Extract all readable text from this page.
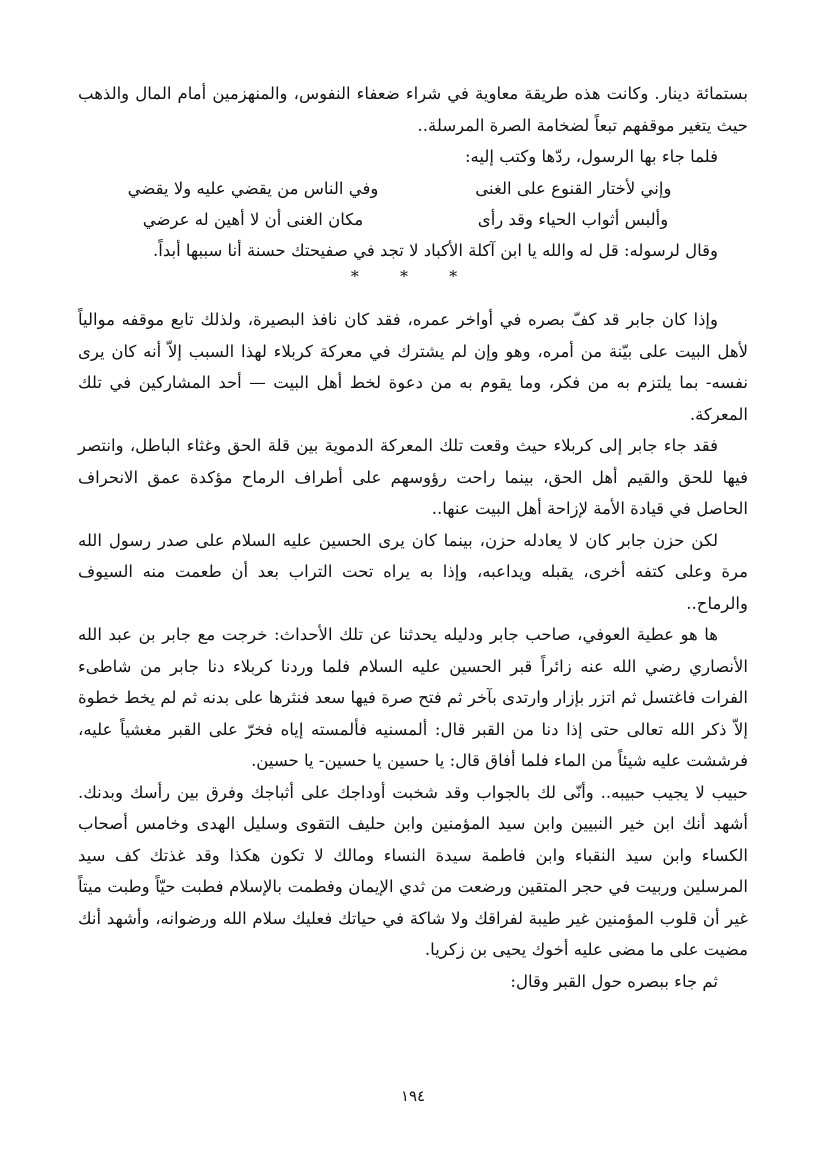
بستمائة دينار. وكانت هذه طريقة معاوية في شراء ضعفاء النفوس، والمنهزمين أمام المال والذهب حيث يتغير موقفهم تبعاً لضخامة الصرة المرسلة..

فلما جاء بها الرسول، ردّها وكتب إليه:

وإني لأختار القنوع على الغنى
وفي الناس من يقضي عليه ولا يقضي
وألبس أثواب الحياء وقد رأى
مكان الغنى أن لا أهين له عرضي

وقال لرسوله: قل له والله يا ابن آكلة الأكباد لا تجد في صفيحتك حسنة أنا سببها أبداً.

* * *

وإذا كان جابر قد كفّ بصره في أواخر عمره، فقد كان نافذ البصيرة، ولذلك تابع موقفه موالياً لأهل البيت على بيّنة من أمره، وهو وإن لم يشترك في معركة كربلاء لهذا السبب إلاّ أنه كان يرى نفسه- بما يلتزم به من فكر، وما يقوم به من دعوة لخط أهل البيت — أحد المشاركين في تلك المعركة.

فقد جاء جابر إلى كربلاء حيث وقعت تلك المعركة الدموية بين قلة الحق وغثاء الباطل، وانتصر فيها للحق والقيم أهل الحق، بينما راحت رؤوسهم على أطراف الرماح مؤكدة عمق الانحراف الحاصل في قيادة الأمة لإزاحة أهل البيت عنها..

لكن حزن جابر كان لا يعادله حزن، بينما كان يرى الحسين عليه السلام على صدر رسول الله مرة وعلى كتفه أخرى، يقبله ويداعبه، وإذا به يراه تحت التراب بعد أن طعمت منه السيوف والرماح..

ها هو عطية العوفي، صاحب جابر ودليله يحدثنا عن تلك الأحداث: خرجت مع جابر بن عبد الله الأنصاري رضي الله عنه زائراً قبر الحسين عليه السلام فلما وردنا كربلاء دنا جابر من شاطىء الفرات فاغتسل ثم اتزر بإزار وارتدى بآخر ثم فتح صرة فيها سعد فنثرها على بدنه ثم لم يخط خطوة إلاّ ذكر الله تعالى حتى إذا دنا من القبر قال: ألمسنيه فألمسته إياه فخرّ على القبر مغشياً عليه، فرششت عليه شيئاً من الماء فلما أفاق قال: يا حسين يا حسين- يا حسين.

حبيب لا يجيب حبيبه.. وأنّى لك بالجواب وقد شخبت أوداجك على أثباجك وفرق بين رأسك وبدنك. أشهد أنك ابن خير النبيين وابن سيد المؤمنين وابن حليف التقوى وسليل الهدى وخامس أصحاب الكساء وابن سيد النقباء وابن فاطمة سيدة النساء ومالك لا تكون هكذا وقد غذتك كف سيد المرسلين وربيت في حجر المتقين ورضعت من ثدي الإيمان وفطمت بالإسلام فطبت حيّاً وطبت ميتاً غير أن قلوب المؤمنين غير طيبة لفراقك ولا شاكة في حياتك فعليك سلام الله ورضوانه، وأشهد أنك مضيت على ما مضى عليه أخوك يحيى بن زكريا.

ثم جاء ببصره حول القبر وقال:

١٩٤
